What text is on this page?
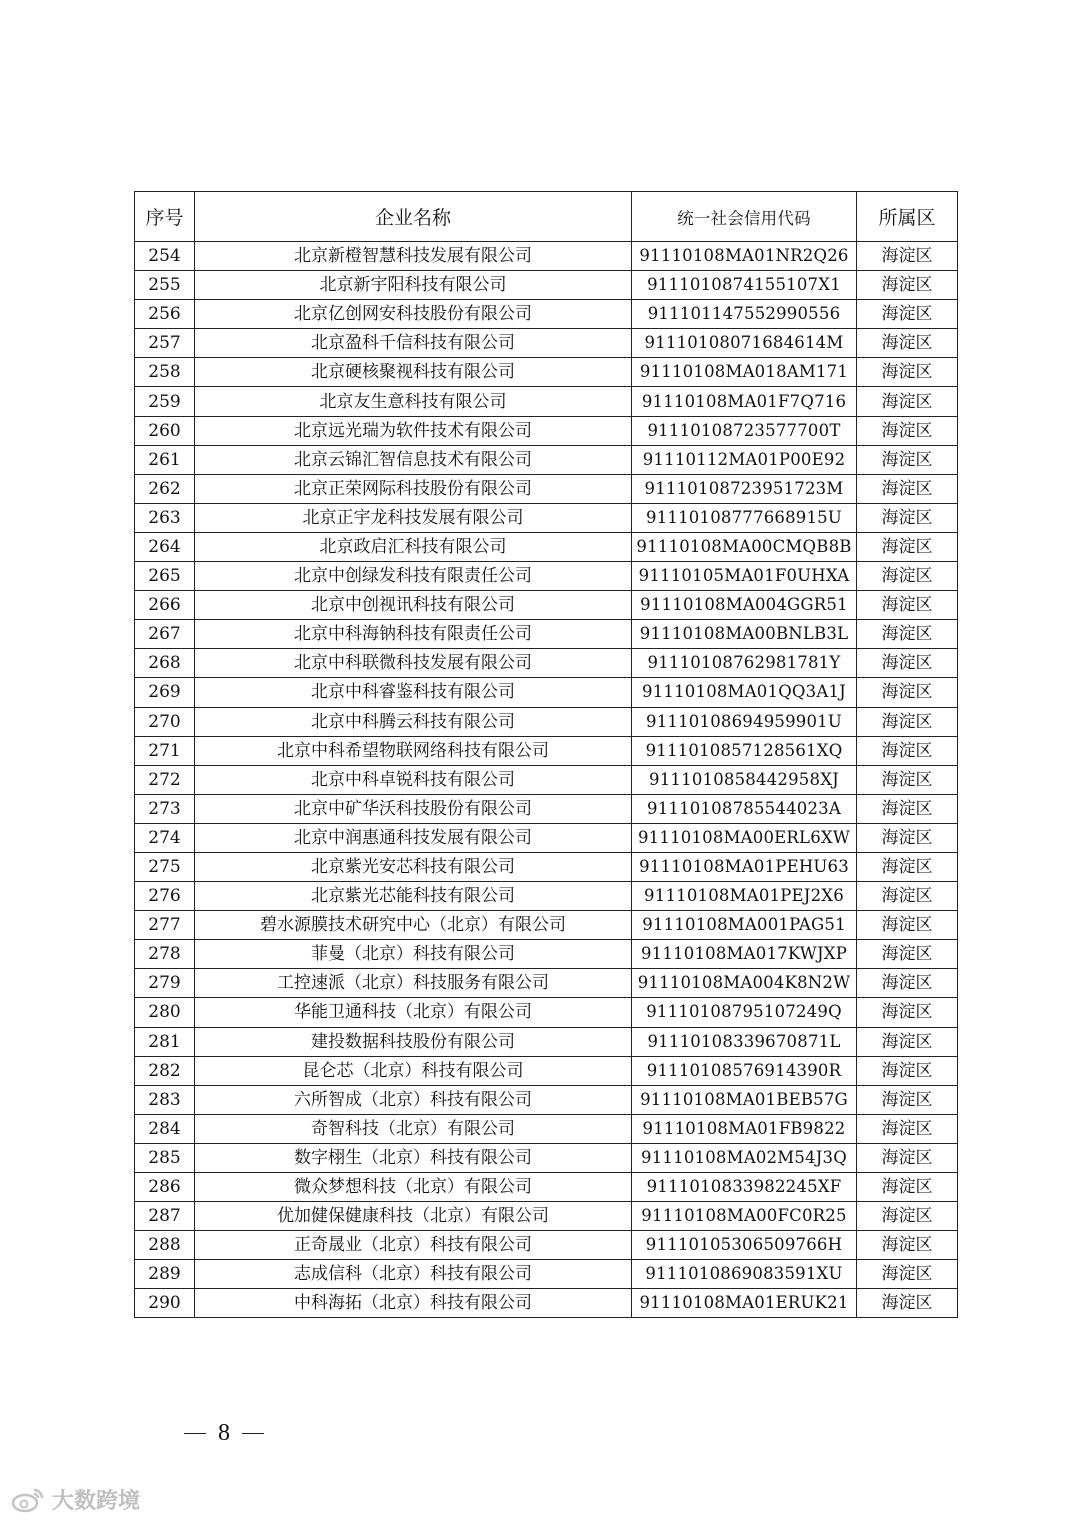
序号	企业名称	统一社会信用代码	所属区
254	北京新橙智慧科技发展有限公司	91110108MA01NR2Q26	海淀区
255	北京新宇阳科技有限公司	9111010874155107X1	海淀区
256	北京亿创网安科技股份有限公司	911101147552990556	海淀区
257	北京盈科千信科技有限公司	91110108071684614M	海淀区
258	北京硬核聚视科技有限公司	91110108MA018AM171	海淀区
259	北京友生意科技有限公司	91110108MA01F7Q716	海淀区
260	北京远光瑞为软件技术有限公司	91110108723577700T	海淀区
261	北京云锦汇智信息技术有限公司	91110112MA01P00E92	海淀区
262	北京正荣网际科技股份有限公司	91110108723951723M	海淀区
263	北京正宇龙科技发展有限公司	91110108777668915U	海淀区
264	北京政启汇科技有限公司	91110108MA00CMQB8B	海淀区
265	北京中创绿发科技有限责任公司	91110105MA01F0UHXA	海淀区
266	北京中创视讯科技有限公司	91110108MA004GGR51	海淀区
267	北京中科海钠科技有限责任公司	91110108MA00BNLB3L	海淀区
268	北京中科联微科技发展有限公司	91110108762981781Y	海淀区
269	北京中科睿鉴科技有限公司	91110108MA01QQ3A1J	海淀区
270	北京中科腾云科技有限公司	91110108694959901U	海淀区
271	北京中科希望物联网络科技有限公司	9111010857128561XQ	海淀区
272	北京中科卓锐科技有限公司	9111010858442958XJ	海淀区
273	北京中矿华沃科技股份有限公司	91110108785544023A	海淀区
274	北京中润惠通科技发展有限公司	91110108MA00ERL6XW	海淀区
275	北京紫光安芯科技有限公司	91110108MA01PEHU63	海淀区
276	北京紫光芯能科技有限公司	91110108MA01PEJ2X6	海淀区
277	碧水源膜技术研究中心（北京）有限公司	91110108MA001PAG51	海淀区
278	菲曼（北京）科技有限公司	91110108MA017KWJXP	海淀区
279	工控速派（北京）科技服务有限公司	91110108MA004K8N2W	海淀区
280	华能卫通科技（北京）有限公司	91110108795107249Q	海淀区
281	建投数据科技股份有限公司	91110108339670871L	海淀区
282	昆仑芯（北京）科技有限公司	91110108576914390R	海淀区
283	六所智成（北京）科技有限公司	91110108MA01BEB57G	海淀区
284	奇智科技（北京）有限公司	91110108MA01FB9822	海淀区
285	数字栩生（北京）科技有限公司	91110108MA02M54J3Q	海淀区
286	微众梦想科技（北京）有限公司	9111010833982245XF	海淀区
287	优加健保健康科技（北京）有限公司	91110108MA00FC0R25	海淀区
288	正奇晟业（北京）科技有限公司	91110105306509766H	海淀区
289	志成信科（北京）科技有限公司	9111010869083591XU	海淀区
290	中科海拓（北京）科技有限公司	91110108MA01ERUK21	海淀区
8
大数跨境
